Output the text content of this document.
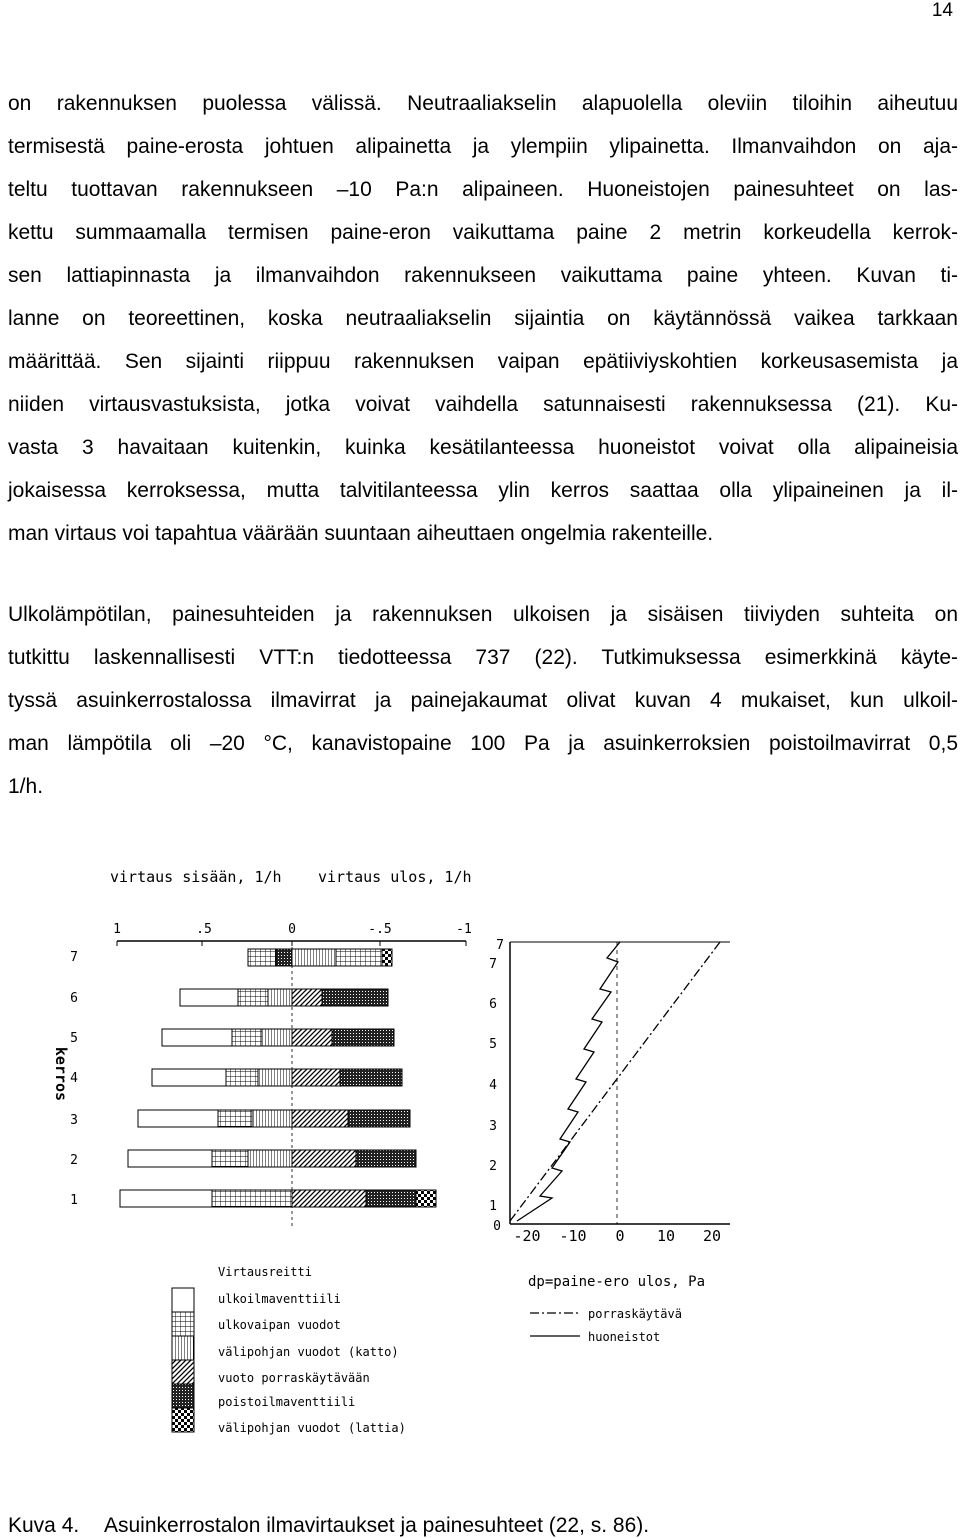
14
on rakennuksen puolessa välissä. Neutraaliakselin alapuolella oleviin tiloihin aiheutuu
termisestä paine-erosta johtuen alipainetta ja ylempiin ylipainetta. Ilmanvaihdon on aja-
teltu tuottavan rakennukseen –10 Pa:n alipaineen. Huoneistojen painesuhteet on las-
kettu summaamalla termisen paine-eron vaikuttama paine 2 metrin korkeudella kerrok-
sen lattiapinnasta ja ilmanvaihdon rakennukseen vaikuttama paine yhteen. Kuvan ti-
lanne on teoreettinen, koska neutraaliakselin sijaintia on käytännössä vaikea tarkkaan
määrittää. Sen sijainti riippuu rakennuksen vaipan epätiiviyskohtien korkeusasemista ja
niiden virtausvastuksista, jotka voivat vaihdella satunnaisesti rakennuksessa (21). Ku-
vasta 3 havaitaan kuitenkin, kuinka kesätilanteessa huoneistot voivat olla alipaineisia
jokaisessa kerroksessa, mutta talvitilanteessa ylin kerros saattaa olla ylipaineinen ja il-
man virtaus voi tapahtua väärään suuntaan aiheuttaen ongelmia rakenteille.
Ulkolämpötilan, painesuhteiden ja rakennuksen ulkoisen ja sisäisen tiiviyden suhteita on
tutkittu laskennallisesti VTT:n tiedotteessa 737 (22). Tutkimuksessa esimerkkinä käyte-
tyssä asuinkerrostalossa ilmavirrat ja painejakaumat olivat kuvan 4 mukaiset, kun ulkoil-
man lämpötila oli –20 °C, kanavistopaine 100 Pa ja asuinkerroksien poistoilmavirrat 0,5
1/h.
virtaus sisään, 1/h virtaus ulos, 1/h
1	.5	0	-.5	-1
kerros
7
6
5
4
3
2
1
7
7
6
5
4
3
2
1
0
-20 -10 0 10 20
Virtausreitti
ulkoilmaventtiili
ulkovaipan vuodot
välipohjan vuodot (katto)
vuoto porraskäytävään
poistoilmaventtiili
välipohjan vuodot (lattia)
dp=paine-ero ulos, Pa
porraskäytävä
huoneistot
Kuva 4. Asuinkerrostalon ilmavirtaukset ja painesuhteet (22, s. 86).
